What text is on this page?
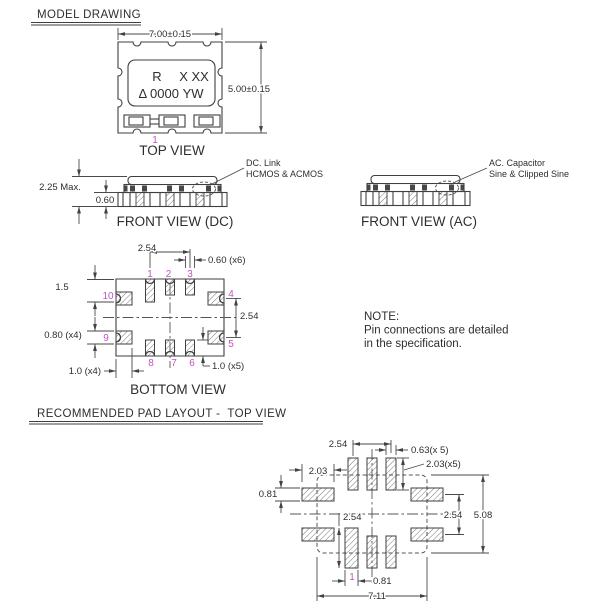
MODEL DRAWING
R X XX
Δ 0000 YW
1
7.00±0.15
5.00±0.15
TOP VIEW
DC. Link
HCMOS & ACMOS
2.25 Max.
0.60
FRONT VIEW (DC)
AC. Capacitor
Sine & Clipped Sine
FRONT VIEW (AC)
1 2 3
4
5
6
7
8
9
10
2.54
0.60 (x6)
1.5
0.80 (x4)
1.0 (x4)	1.0 (x5)
2.54
BOTTOM VIEW
NOTE:
Pin connections are detailed
in the specification.
RECOMMENDED PAD LAYOUT -  TOP VIEW
2.54
0.63(x 5)
2.03
2.03(x5)
0.81
2.54	2.54 5.08
0.81
7.11
1
